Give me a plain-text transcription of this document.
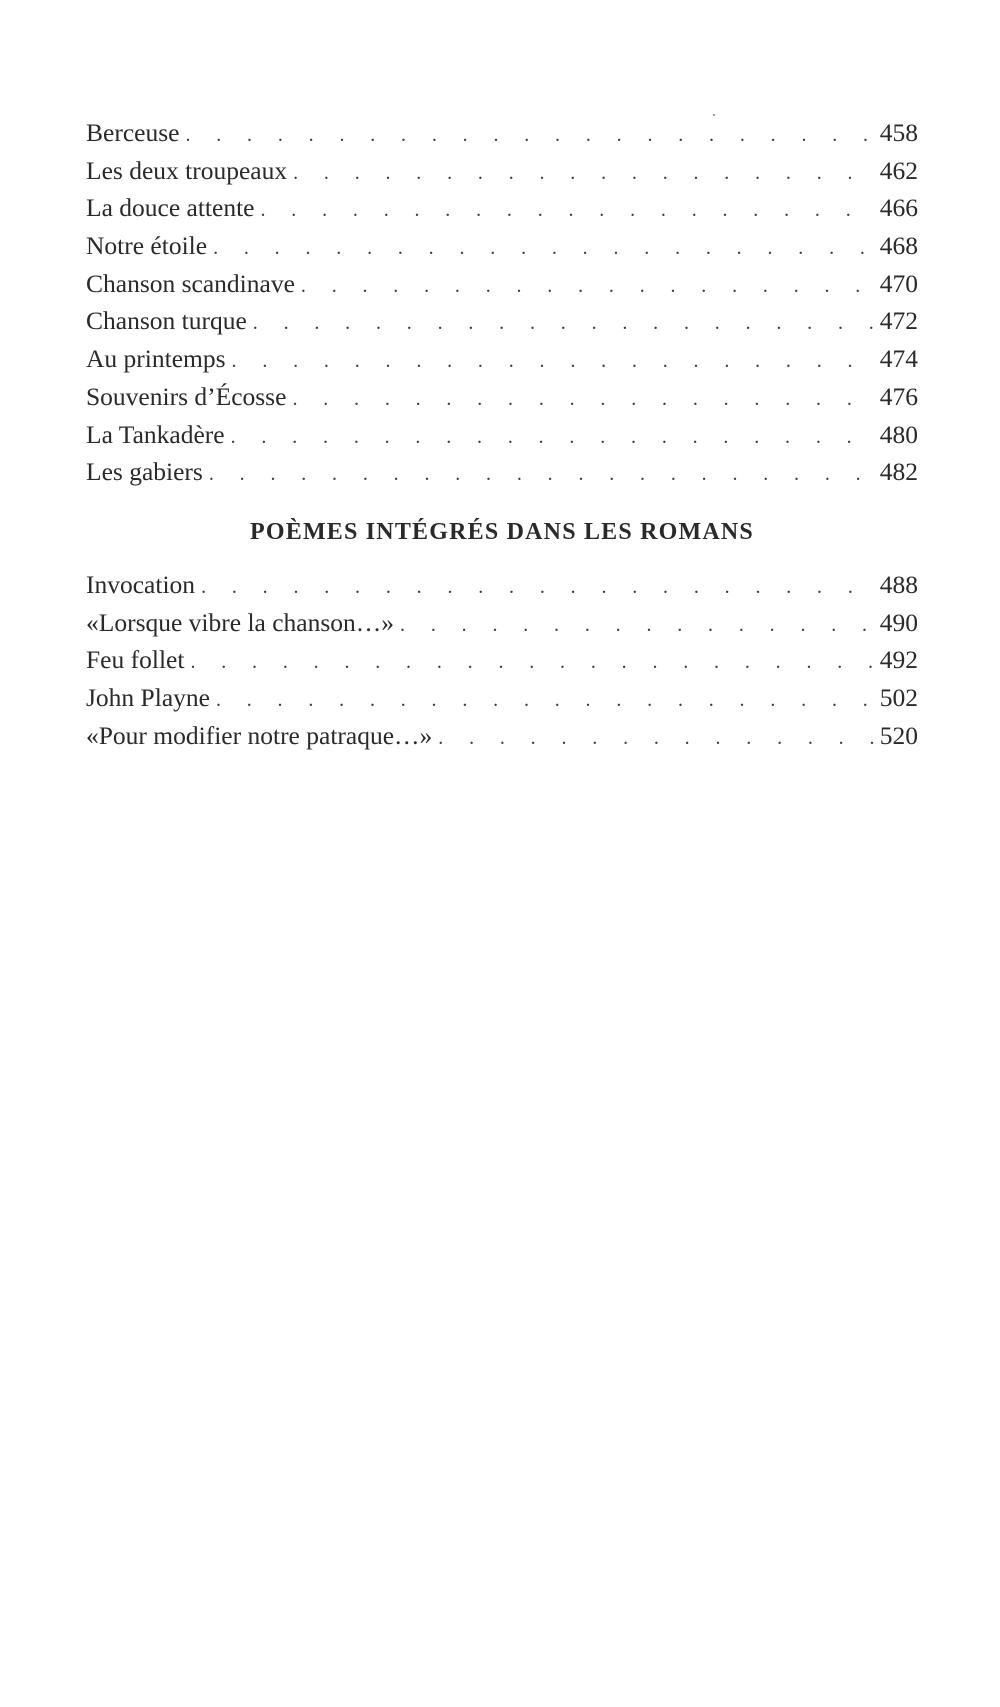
Berceuse . . .	458
Les deux troupeaux . . .	462
La douce attente . . .	466
Notre étoile . . .	468
Chanson scandinave . . .	470
Chanson turque . . .	472
Au printemps . . .	474
Souvenirs d’Écosse . . .	476
La Tankadère . . .	480
Les gabiers . . .	482
POÈMES INTÉGRÉS DANS LES ROMANS
Invocation . . .	488
«Lorsque vibre la chanson…» . . .	490
Feu follet . . .	492
John Playne . . .	502
«Pour modifier notre patraque…» . . .	520
